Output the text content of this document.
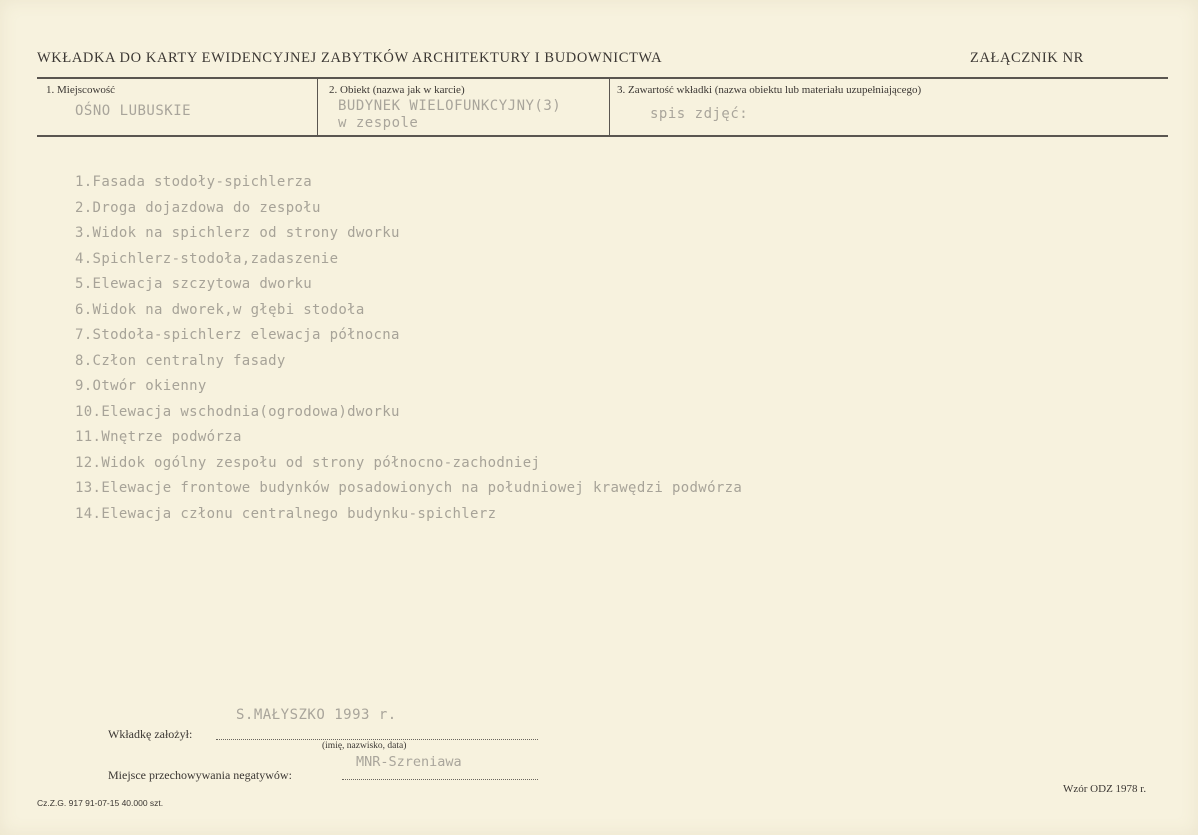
WKŁADKA DO KARTY EWIDENCYJNEJ ZABYTKÓW ARCHITEKTURY I BUDOWNICTWA	ZAŁĄCZNIK NR
1. Miejscowość
OŚNO LUBUSKIE
2. Obiekt (nazwa jak w karcie)
BUDYNEK WIELOFUNKCYJNY(3)
w zespole
3. Zawartość wkładki (nazwa obiektu lub materiału uzupełniającego)
spis zdjęć:
1.Fasada stodoły-spichlerza
2.Droga dojazdowa do zespołu
3.Widok na spichlerz od strony dworku
4.Spichlerz-stodoła,zadaszenie
5.Elewacja szczytowa dworku
6.Widok na dworek,w głębi stodoła
7.Stodoła-spichlerz elewacja północna
8.Człon centralny fasady
9.Otwór okienny
10.Elewacja wschodnia(ogrodowa)dworku
11.Wnętrze podwórza
12.Widok ogólny zespołu od strony północno-zachodniej
13.Elewacje frontowe budynków posadowionych na południowej krawędzi podwórza
14.Elewacja członu centralnego budynku-spichlerz
S.MAŁYSZKO 1993 r.
Wkładkę założył:
(imię, nazwisko, data)
MNR-Szreniawa
Miejsce przechowywania negatywów:
Wzór ODZ 1978 r.
Cz.Z.G. 917 91-07-15 40.000 szt.
